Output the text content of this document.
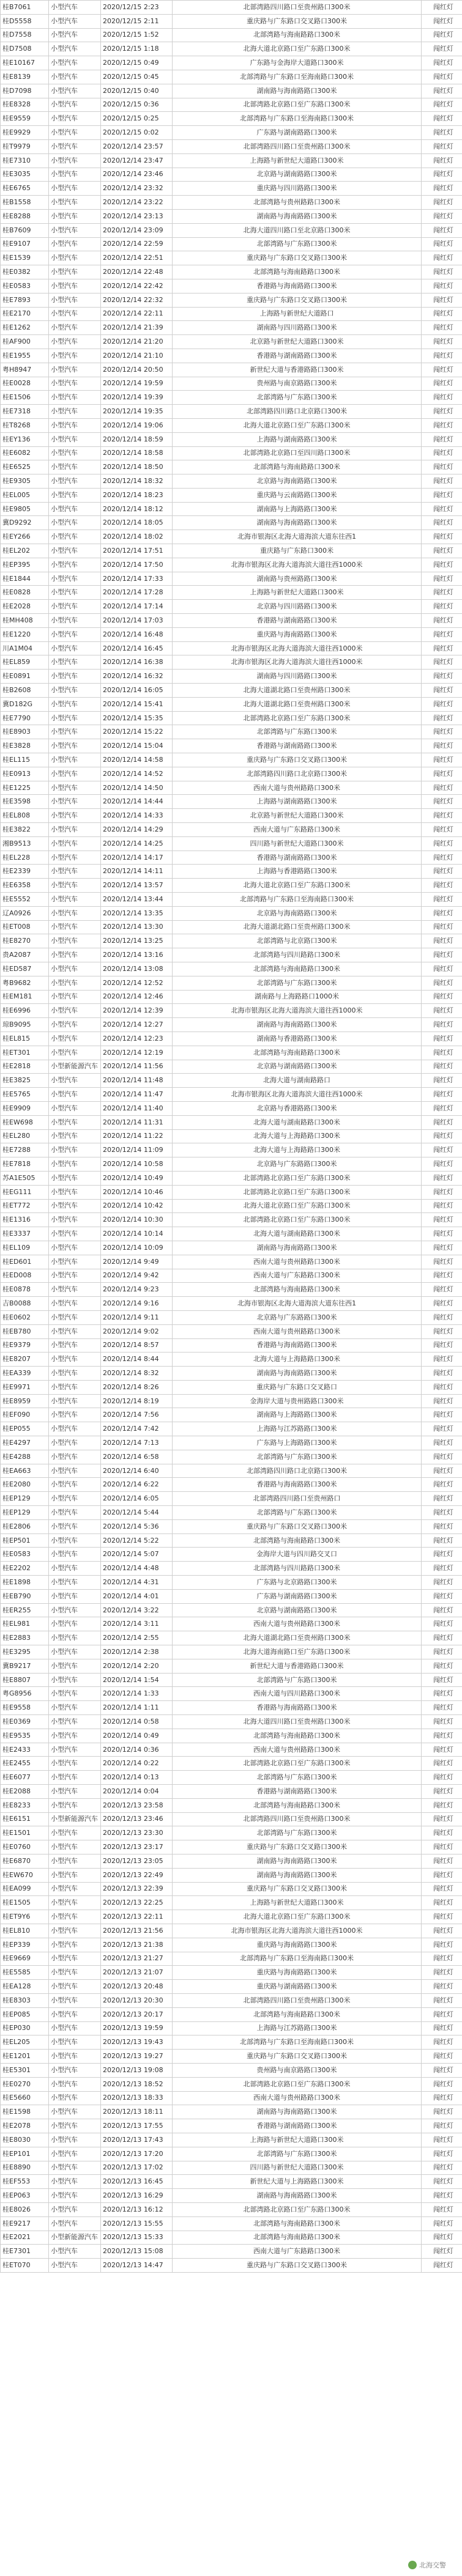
桂B7061	小型汽车	2020/12/15 2:23	北部湾路四川路口至贵州路口300米	闯红灯
桂D5558	小型汽车	2020/12/15 2:11	重庆路与广东路口交叉路口300米	闯红灯
桂D7558	小型汽车	2020/12/15 1:52	北部湾路与海南路路口300米	闯红灯
桂D7508	小型汽车	2020/12/15 1:18	北海大道北京路口至广东路口300米	闯红灯
桂E10167	小型汽车	2020/12/15 0:49	广东路与金海岸大道路口300米	闯红灯
桂E8139	小型汽车	2020/12/15 0:45	北部湾路与广东路口至海南路口300米	闯红灯
桂D7098	小型汽车	2020/12/15 0:40	湖南路与海南路路口300米	闯红灯
桂E8328	小型汽车	2020/12/15 0:36	北部湾路北京路口至广东路口300米	闯红灯
桂E9559	小型汽车	2020/12/15 0:25	北部湾路与广东路口至海南路口300米	闯红灯
桂E9929	小型汽车	2020/12/15 0:02	广东路与湖南路路口300米	闯红灯
桂T9979	小型汽车	2020/12/14 23:57	北部湾路四川路口至贵州路口300米	闯红灯
桂E7310	小型汽车	2020/12/14 23:47	上海路与新世纪大道路口300米	闯红灯
桂E3035	小型汽车	2020/12/14 23:46	北京路与湖南路路口300米	闯红灯
桂E6765	小型汽车	2020/12/14 23:32	重庆路与四川路路口300米	闯红灯
桂B1558	小型汽车	2020/12/14 23:22	北部湾路与贵州路路口300米	闯红灯
桂E8288	小型汽车	2020/12/14 23:13	湖南路与海南路路口300米	闯红灯
桂B7609	小型汽车	2020/12/14 23:09	北海大道四川路口至北京路口300米	闯红灯
桂E9107	小型汽车	2020/12/14 22:59	北部湾路与广东路口300米	闯红灯
桂E1539	小型汽车	2020/12/14 22:51	重庆路与广东路口交叉路口300米	闯红灯
桂E0382	小型汽车	2020/12/14 22:48	北部湾路与海南路路口300米	闯红灯
桂E0583	小型汽车	2020/12/14 22:42	香港路与海南路路口300米	闯红灯
桂E7893	小型汽车	2020/12/14 22:32	重庆路与广东路口交叉路口300米	闯红灯
桂E2170	小型汽车	2020/12/14 22:11	上海路与新世纪大道路口	闯红灯
桂E1262	小型汽车	2020/12/14 21:39	湖南路与四川路路口300米	闯红灯
桂AF900	小型汽车	2020/12/14 21:20	北京路与新世纪大道路口300米	闯红灯
桂E1955	小型汽车	2020/12/14 21:10	香港路与湖南路路口300米	闯红灯
粤H8947	小型汽车	2020/12/14 20:50	新世纪大道与香港路路口300米	闯红灯
桂E0028	小型汽车	2020/12/14 19:59	贵州路与南京路路口300米	闯红灯
桂E1506	小型汽车	2020/12/14 19:39	北部湾路与广东路口300米	闯红灯
桂E7318	小型汽车	2020/12/14 19:35	北部湾路四川路口北京路口300米	闯红灯
桂T8268	小型汽车	2020/12/14 19:06	北海大道北京路口至广东路口300米	闯红灯
桂EY136	小型汽车	2020/12/14 18:59	上海路与湖南路路口300米	闯红灯
桂E6082	小型汽车	2020/12/14 18:58	北部湾路北京路口至四川路口300米	闯红灯
桂E6525	小型汽车	2020/12/14 18:50	北部湾路与海南路路口300米	闯红灯
桂E9305	小型汽车	2020/12/14 18:32	北京路与海南路路口300米	闯红灯
桂EL005	小型汽车	2020/12/14 18:23	重庆路与云南路路口300米	闯红灯
桂E9805	小型汽车	2020/12/14 18:12	湖南路与上海路路口300米	闯红灯
冀D9292	小型汽车	2020/12/14 18:05	湖南路与海南路路口300米	闯红灯
桂EY266	小型汽车	2020/12/14 18:02	北海市银海区北海大道海滨大道东往西1	闯红灯
桂EL202	小型汽车	2020/12/14 17:51	重庆路与广东路口300米	闯红灯
桂EP395	小型汽车	2020/12/14 17:50	北海市银海区北海大道海滨大道往西1000米	闯红灯
桂E1844	小型汽车	2020/12/14 17:33	湖南路与贵州路路口300米	闯红灯
桂E0828	小型汽车	2020/12/14 17:28	上海路与新世纪大道路口300米	闯红灯
桂E2028	小型汽车	2020/12/14 17:14	北京路与四川路路口300米	闯红灯
桂MH408	小型汽车	2020/12/14 17:03	香港路与湖南路路口300米	闯红灯
桂E1220	小型汽车	2020/12/14 16:48	重庆路与海南路路口300米	闯红灯
川A1M04	小型汽车	2020/12/14 16:45	北海市银海区北海大道海滨大道往西1000米	闯红灯
桂EL859	小型汽车	2020/12/14 16:38	北海市银海区北海大道海滨大道往西1000米	闯红灯
桂E0891	小型汽车	2020/12/14 16:32	湖南路与四川路路口300米	闯红灯
桂B2608	小型汽车	2020/12/14 16:05	北海大道湖北路口至贵州路口300米	闯红灯
冀D182G	小型汽车	2020/12/14 15:41	北海大道湖北路口至贵州路口300米	闯红灯
桂E7790	小型汽车	2020/12/14 15:35	北部湾路北京路口至广东路口300米	闯红灯
桂E8903	小型汽车	2020/12/14 15:22	北部湾路与广东路口300米	闯红灯
桂E3828	小型汽车	2020/12/14 15:04	香港路与湖南路路口300米	闯红灯
桂EL115	小型汽车	2020/12/14 14:58	重庆路与广东路口交叉路口300米	闯红灯
桂E0913	小型汽车	2020/12/14 14:52	北部湾路四川路口北京路口300米	闯红灯
桂E1225	小型汽车	2020/12/14 14:50	西南大道与贵州路路口300米	闯红灯
桂E3598	小型汽车	2020/12/14 14:44	上海路与湖南路路口300米	闯红灯
桂EL808	小型汽车	2020/12/14 14:33	北京路与新世纪大道路口300米	闯红灯
桂E3822	小型汽车	2020/12/14 14:29	西南大道与广东路路口300米	闯红灯
湘B9513	小型汽车	2020/12/14 14:25	四川路与新世纪大道路口300米	闯红灯
桂EL228	小型汽车	2020/12/14 14:17	香港路与湖南路路口300米	闯红灯
桂E2339	小型汽车	2020/12/14 14:11	上海路与香港路路口300米	闯红灯
桂E6358	小型汽车	2020/12/14 13:57	北海大道北京路口至广东路口300米	闯红灯
桂E5552	小型汽车	2020/12/14 13:44	北部湾路与广东路口至海南路口300米	闯红灯
辽A0926	小型汽车	2020/12/14 13:35	北京路与海南路路口300米	闯红灯
桂ET008	小型汽车	2020/12/14 13:30	北海大道湖北路口至贵州路口300米	闯红灯
桂E8270	小型汽车	2020/12/14 13:25	北部湾路与北京路口300米	闯红灯
贵A2087	小型汽车	2020/12/14 13:16	北部湾路与四川路路口300米	闯红灯
桂ED587	小型汽车	2020/12/14 13:08	北部湾路与海南路路口300米	闯红灯
粤B9682	小型汽车	2020/12/14 12:52	北部湾路与广东路口300米	闯红灯
桂EM181	小型汽车	2020/12/14 12:46	湖南路与上海路路口1000米	闯红灯
桂E6996	小型汽车	2020/12/14 12:39	北海市银海区北海大道海滨大道往西1000米	闯红灯
琼B9095	小型汽车	2020/12/14 12:27	湖南路与海南路路口300米	闯红灯
桂EL815	小型汽车	2020/12/14 12:23	湖南路与香港路路口300米	闯红灯
桂ET301	小型汽车	2020/12/14 12:19	北部湾路与海南路路口300米	闯红灯
桂E2818	小型新能源汽车	2020/12/14 11:56	北京路与湖南路路口300米	闯红灯
桂E3825	小型汽车	2020/12/14 11:48	北海大道与湖南路路口	闯红灯
桂E5765	小型汽车	2020/12/14 11:47	北海市银海区北海大道海滨大道往西1000米	闯红灯
桂E9909	小型汽车	2020/12/14 11:40	北京路与香港路路口300米	闯红灯
桂EW698	小型汽车	2020/12/14 11:31	北海大道与湖南路路口300米	闯红灯
桂EL280	小型汽车	2020/12/14 11:22	北海大道与上海路路口300米	闯红灯
桂E7288	小型汽车	2020/12/14 11:09	北海大道与上海路路口300米	闯红灯
桂E7818	小型汽车	2020/12/14 10:58	北京路与广东路路口300米	闯红灯
苏A1E505	小型汽车	2020/12/14 10:49	北部湾路北京路口至广东路口300米	闯红灯
桂EG111	小型汽车	2020/12/14 10:46	北部湾路北京路口至广东路口300米	闯红灯
桂ET772	小型汽车	2020/12/14 10:42	北海大道北京路口至广东路口300米	闯红灯
桂E1316	小型汽车	2020/12/14 10:30	北部湾路北京路口至广东路口300米	闯红灯
桂E3337	小型汽车	2020/12/14 10:14	北海大道与湖南路路口300米	闯红灯
桂EL109	小型汽车	2020/12/14 10:09	湖南路与海南路路口300米	闯红灯
桂ED601	小型汽车	2020/12/14 9:49	西南大道与贵州路路口300米	闯红灯
桂ED008	小型汽车	2020/12/14 9:42	西南大道与广东路路口300米	闯红灯
桂E0878	小型汽车	2020/12/14 9:23	北部湾路与海南路路口300米	闯红灯
吉B0088	小型汽车	2020/12/14 9:16	北海市银海区北海大道海滨大道东往西1	闯红灯
桂E0602	小型汽车	2020/12/14 9:11	北京路与广东路路口300米	闯红灯
桂EB780	小型汽车	2020/12/14 9:02	西南大道与贵州路路口300米	闯红灯
桂E9379	小型汽车	2020/12/14 8:57	香港路与海南路路口300米	闯红灯
桂E8207	小型汽车	2020/12/14 8:44	北海大道与上海路路口300米	闯红灯
桂EA339	小型汽车	2020/12/14 8:32	湖南路与海南路路口300米	闯红灯
桂E9971	小型汽车	2020/12/14 8:26	重庆路与广东路口交叉路口	闯红灯
桂E8959	小型汽车	2020/12/14 8:19	金海岸大道与贵州路路口300米	闯红灯
桂EF090	小型汽车	2020/12/14 7:56	湖南路与上海路路口300米	闯红灯
桂EP055	小型汽车	2020/12/14 7:42	上海路与江苏路路口300米	闯红灯
桂E4297	小型汽车	2020/12/14 7:13	广东路与上海路路口300米	闯红灯
桂E4288	小型汽车	2020/12/14 6:58	北部湾路与广东路口300米	闯红灯
桂EA663	小型汽车	2020/12/14 6:40	北部湾路四川路口北京路口300米	闯红灯
桂E2080	小型汽车	2020/12/14 6:22	香港路与海南路路口300米	闯红灯
桂EP129	小型汽车	2020/12/14 6:05	北部湾路四川路口至贵州路口	闯红灯
桂EP129	小型汽车	2020/12/14 5:44	北部湾路与广东路口300米	闯红灯
桂E2806	小型汽车	2020/12/14 5:36	重庆路与广东路口交叉路口300米	闯红灯
桂EP501	小型汽车	2020/12/14 5:22	北部湾路与海南路路口300米	闯红灯
桂E0583	小型汽车	2020/12/14 5:07	金海岸大道与四川路交叉口	闯红灯
桂E2202	小型汽车	2020/12/14 4:48	北部湾路与四川路路口300米	闯红灯
桂E1898	小型汽车	2020/12/14 4:31	广东路与北京路路口300米	闯红灯
桂EB790	小型汽车	2020/12/14 4:01	广东路与湖南路路口300米	闯红灯
桂ER255	小型汽车	2020/12/14 3:22	北京路与湖南路路口300米	闯红灯
桂EL981	小型汽车	2020/12/14 3:11	西南大道与贵州路路口300米	闯红灯
桂E2883	小型汽车	2020/12/14 2:55	北海大道湖北路口至贵州路口300米	闯红灯
桂E3295	小型汽车	2020/12/14 2:38	北海大道海南路口至广东路口300米	闯红灯
冀B9217	小型汽车	2020/12/14 2:20	新世纪大道与香港路路口300米	闯红灯
桂E8807	小型汽车	2020/12/14 1:54	北部湾路与广东路口300米	闯红灯
粤G8956	小型汽车	2020/12/14 1:33	西南大道与四川路路口300米	闯红灯
桂E9558	小型汽车	2020/12/14 1:11	香港路与海南路路口300米	闯红灯
桂E0369	小型汽车	2020/12/14 0:58	北海大道四川路口至贵州路口300米	闯红灯
桂E9535	小型汽车	2020/12/14 0:49	北部湾路与海南路路口300米	闯红灯
桂E2433	小型汽车	2020/12/14 0:36	西南大道与贵州路路口300米	闯红灯
桂E2455	小型汽车	2020/12/14 0:22	北部湾路北京路口至广东路口300米	闯红灯
桂E6077	小型汽车	2020/12/14 0:13	北部湾路与广东路口300米	闯红灯
桂E2088	小型汽车	2020/12/14 0:04	香港路与湖南路路口300米	闯红灯
桂E8233	小型汽车	2020/12/13 23:58	北部湾路与海南路路口300米	闯红灯
桂E6151	小型新能源汽车	2020/12/13 23:46	北部湾路四川路口至贵州路口300米	闯红灯
桂E1501	小型汽车	2020/12/13 23:30	北部湾路与广东路口300米	闯红灯
桂E0760	小型汽车	2020/12/13 23:17	重庆路与广东路口交叉路口300米	闯红灯
桂E6870	小型汽车	2020/12/13 23:05	湖南路与海南路路口300米	闯红灯
桂EW670	小型汽车	2020/12/13 22:49	湖南路与海南路路口300米	闯红灯
桂EA099	小型汽车	2020/12/13 22:39	重庆路与广东路口交叉路口300米	闯红灯
桂E1505	小型汽车	2020/12/13 22:25	上海路与新世纪大道路口300米	闯红灯
桂ET9Y6	小型汽车	2020/12/13 22:11	北海大道北京路口至广东路口300米	闯红灯
桂EL810	小型汽车	2020/12/13 21:56	北海市银海区北海大道海滨大道往西1000米	闯红灯
桂EP339	小型汽车	2020/12/13 21:38	重庆路与海南路路口300米	闯红灯
桂E9669	小型汽车	2020/12/13 21:27	北部湾路与广东路口至海南路口300米	闯红灯
桂E5585	小型汽车	2020/12/13 21:07	重庆路与海南路路口300米	闯红灯
桂EA128	小型汽车	2020/12/13 20:48	重庆路与湖南路路口300米	闯红灯
桂E8303	小型汽车	2020/12/13 20:30	北部湾路四川路口至贵州路口300米	闯红灯
桂EP085	小型汽车	2020/12/13 20:17	北部湾路与海南路路口300米	闯红灯
桂EP030	小型汽车	2020/12/13 19:59	上海路与江苏路路口300米	闯红灯
桂EL205	小型汽车	2020/12/13 19:43	北部湾路与广东路口至海南路口300米	闯红灯
桂E1201	小型汽车	2020/12/13 19:27	重庆路与广东路口交叉路口300米	闯红灯
桂E5301	小型汽车	2020/12/13 19:08	贵州路与南京路路口300米	闯红灯
桂E0270	小型汽车	2020/12/13 18:52	北部湾路北京路口至广东路口300米	闯红灯
桂E5660	小型汽车	2020/12/13 18:33	西南大道与贵州路路口300米	闯红灯
桂E1598	小型汽车	2020/12/13 18:11	湖南路与海南路路口300米	闯红灯
桂E2078	小型汽车	2020/12/13 17:55	香港路与湖南路路口300米	闯红灯
桂E8030	小型汽车	2020/12/13 17:43	上海路与新世纪大道路口300米	闯红灯
桂EP101	小型汽车	2020/12/13 17:20	北部湾路与广东路口300米	闯红灯
桂E8890	小型汽车	2020/12/13 17:02	四川路与新世纪大道路口300米	闯红灯
桂EF553	小型汽车	2020/12/13 16:45	新世纪大道与上海路路口300米	闯红灯
桂EP063	小型汽车	2020/12/13 16:29	湖南路与海南路路口300米	闯红灯
桂E8026	小型汽车	2020/12/13 16:12	北部湾路北京路口至广东路口300米	闯红灯
桂E9217	小型汽车	2020/12/13 15:55	北部湾路与海南路路口300米	闯红灯
桂E2021	小型新能源汽车	2020/12/13 15:33	北部湾路与海南路路口300米	闯红灯
桂E7301	小型汽车	2020/12/13 15:08	西南大道与广东路路口300米	闯红灯
桂ET070	小型汽车	2020/12/13 14:47	重庆路与广东路口交叉路口300米	闯红灯
北海交警
